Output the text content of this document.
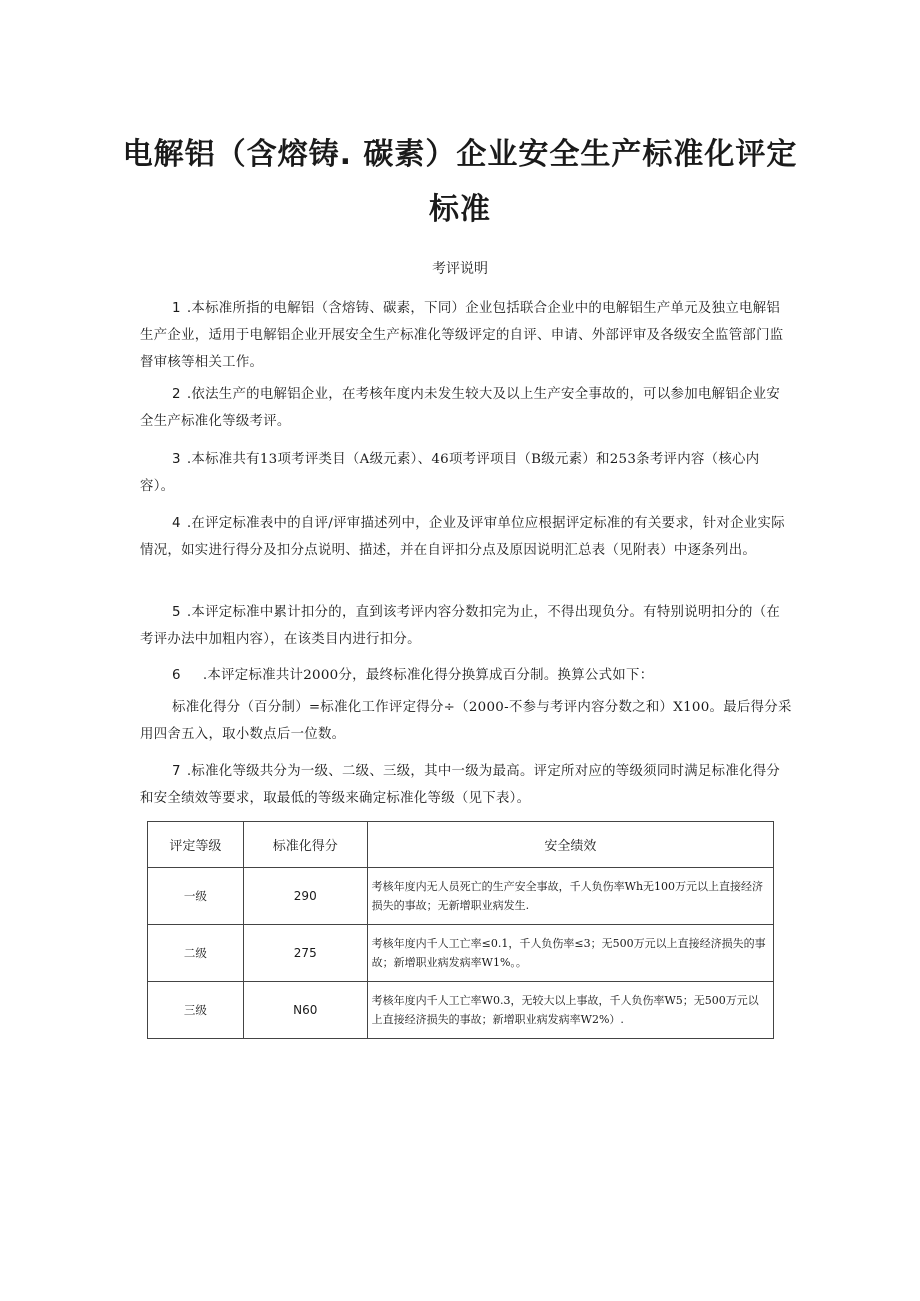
电解铝（含熔铸. 碳素）企业安全生产标准化评定
标准
考评说明

1 .本标准所指的电解铝（含熔铸、碳素，下同）企业包括联合企业中的电解铝生产单元及独立电解铝生产企业，适用于电解铝企业开展安全生产标准化等级评定的自评、申请、外部评审及各级安全监管部门监督审核等相关工作。

2 .依法生产的电解铝企业，在考核年度内未发生较大及以上生产安全事故的，可以参加电解铝企业安全生产标准化等级考评。

3 .本标准共有13项考评类目（A级元素）、46项考评项目（B级元素）和253条考评内容（核心内容）。

4 .在评定标准表中的自评/评审描述列中，企业及评审单位应根据评定标准的有关要求，针对企业实际情况，如实进行得分及扣分点说明、描述，并在自评扣分点及原因说明汇总表（见附表）中逐条列出。

5 .本评定标准中累计扣分的，直到该考评内容分数扣完为止，不得出现负分。有特别说明扣分的（在考评办法中加粗内容），在该类目内进行扣分。

6 .本评定标准共计2000分，最终标准化得分换算成百分制。换算公式如下：

标准化得分（百分制）=标准化工作评定得分÷（2000-不参与考评内容分数之和）X100。最后得分采用四舍五入，取小数点后一位数。

7 .标准化等级共分为一级、二级、三级，其中一级为最高。评定所对应的等级须同时满足标准化得分和安全绩效等要求，取最低的等级来确定标准化等级（见下表）。

评定等级	标准化得分	安全绩效
一级	290	考核年度内无人员死亡的生产安全事故，千人负伤率Wh无100万元以上直接经济损失的事故；无新增职业病发生.
二级	275	考核年度内千人工亡率≤0.1，千人负伤率≤3；无500万元以上直接经济损失的事故；新增职业病发病率W1%。。
三级	N60	考核年度内千人工亡率W0.3，无较大以上事故，千人负伤率W5；无500万元以上直接经济损失的事故；新增职业病发病率W2%）.
